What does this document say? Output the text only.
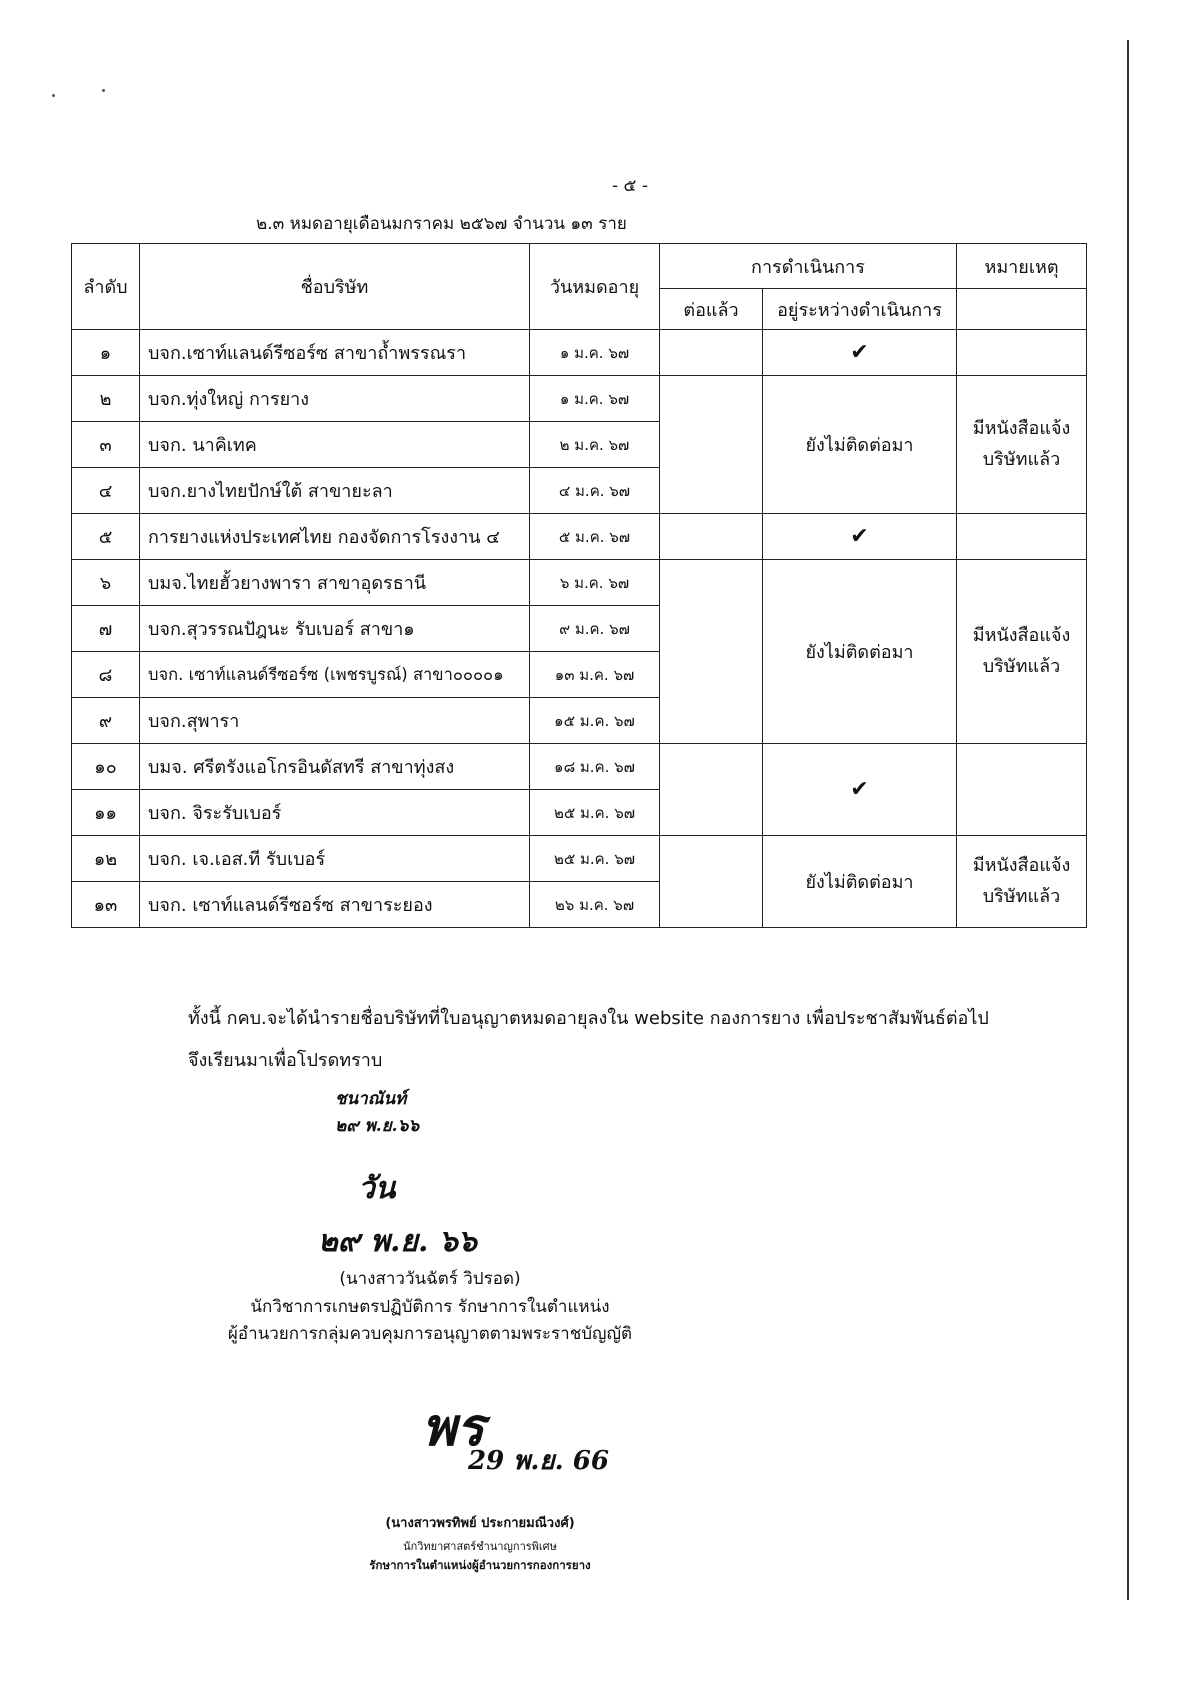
- ๕ -
๒.๓ หมดอายุเดือนมกราคม ๒๕๖๗ จำนวน ๑๓ ราย
ลำดับ	ชื่อบริษัท	วันหมดอายุ	การดำเนินการ		หมายเหตุ
			ต่อแล้ว	อยู่ระหว่างดำเนินการ	
๑	บจก.เซาท์แลนด์รีซอร์ซ สาขาถ้ำพรรณรา	๑ ม.ค. ๖๗		✔	
๒	บจก.ทุ่งใหญ่ การยาง	๑ ม.ค. ๖๗		ยังไม่ติดต่อมา	มีหนังสือแจ้ง
บริษัทแล้ว

๓	บจก. นาคิเทค	๒ ม.ค. ๖๗			
๔	บจก.ยางไทยปักษ์ใต้ สาขายะลา	๔ ม.ค. ๖๗			
๕	การยางแห่งประเทศไทย กองจัดการโรงงาน ๔	๕ ม.ค. ๖๗		✔	
๖	บมจ.ไทยฮั้วยางพารา สาขาอุดรธานี	๖ ม.ค. ๖๗		ยังไม่ติดต่อมา	มีหนังสือแจ้ง
บริษัทแล้ว

๗	บจก.สุวรรณปัฎนะ รับเบอร์ สาขา๑	๙ ม.ค. ๖๗			
๘	บจก. เซาท์แลนด์รีซอร์ซ (เพชรบูรณ์) สาขา๐๐๐๐๑	๑๓ ม.ค. ๖๗			
๙	บจก.สุพารา	๑๕ ม.ค. ๖๗			
๑๐	บมจ. ศรีตรังแอโกรอินดัสทรี สาขาทุ่งสง	๑๘ ม.ค. ๖๗		✔	
๑๑	บจก. จิระรับเบอร์	๒๕ ม.ค. ๖๗			
๑๒	บจก. เจ.เอส.ที รับเบอร์	๒๕ ม.ค. ๖๗		ยังไม่ติดต่อมา	มีหนังสือแจ้ง
บริษัทแล้ว

๑๓	บจก. เซาท์แลนด์รีซอร์ซ สาขาระยอง	๒๖ ม.ค. ๖๗			
ทั้งนี้ กคบ.จะได้นำรายชื่อบริษัทที่ใบอนุญาตหมดอายุลงใน website กองการยาง เพื่อประชาสัมพันธ์ต่อไป
จึงเรียนมาเพื่อโปรดทราบ
ชนาณันท์
๒๙ พ.ย.๖๖
วัน
๒๙ พ.ย. ๖๖
(นางสาววันฉัตร์ วิปรอด)
นักวิชาการเกษตรปฏิบัติการ รักษาการในตำแหน่ง
ผู้อำนวยการกลุ่มควบคุมการอนุญาตตามพระราชบัญญัติ
พร
29 พ.ย. 66
(นางสาวพรทิพย์ ประกายมณีวงศ์)
นักวิทยาศาสตร์ชำนาญการพิเศษ
รักษาการในตำแหน่งผู้อำนวยการกองการยาง
